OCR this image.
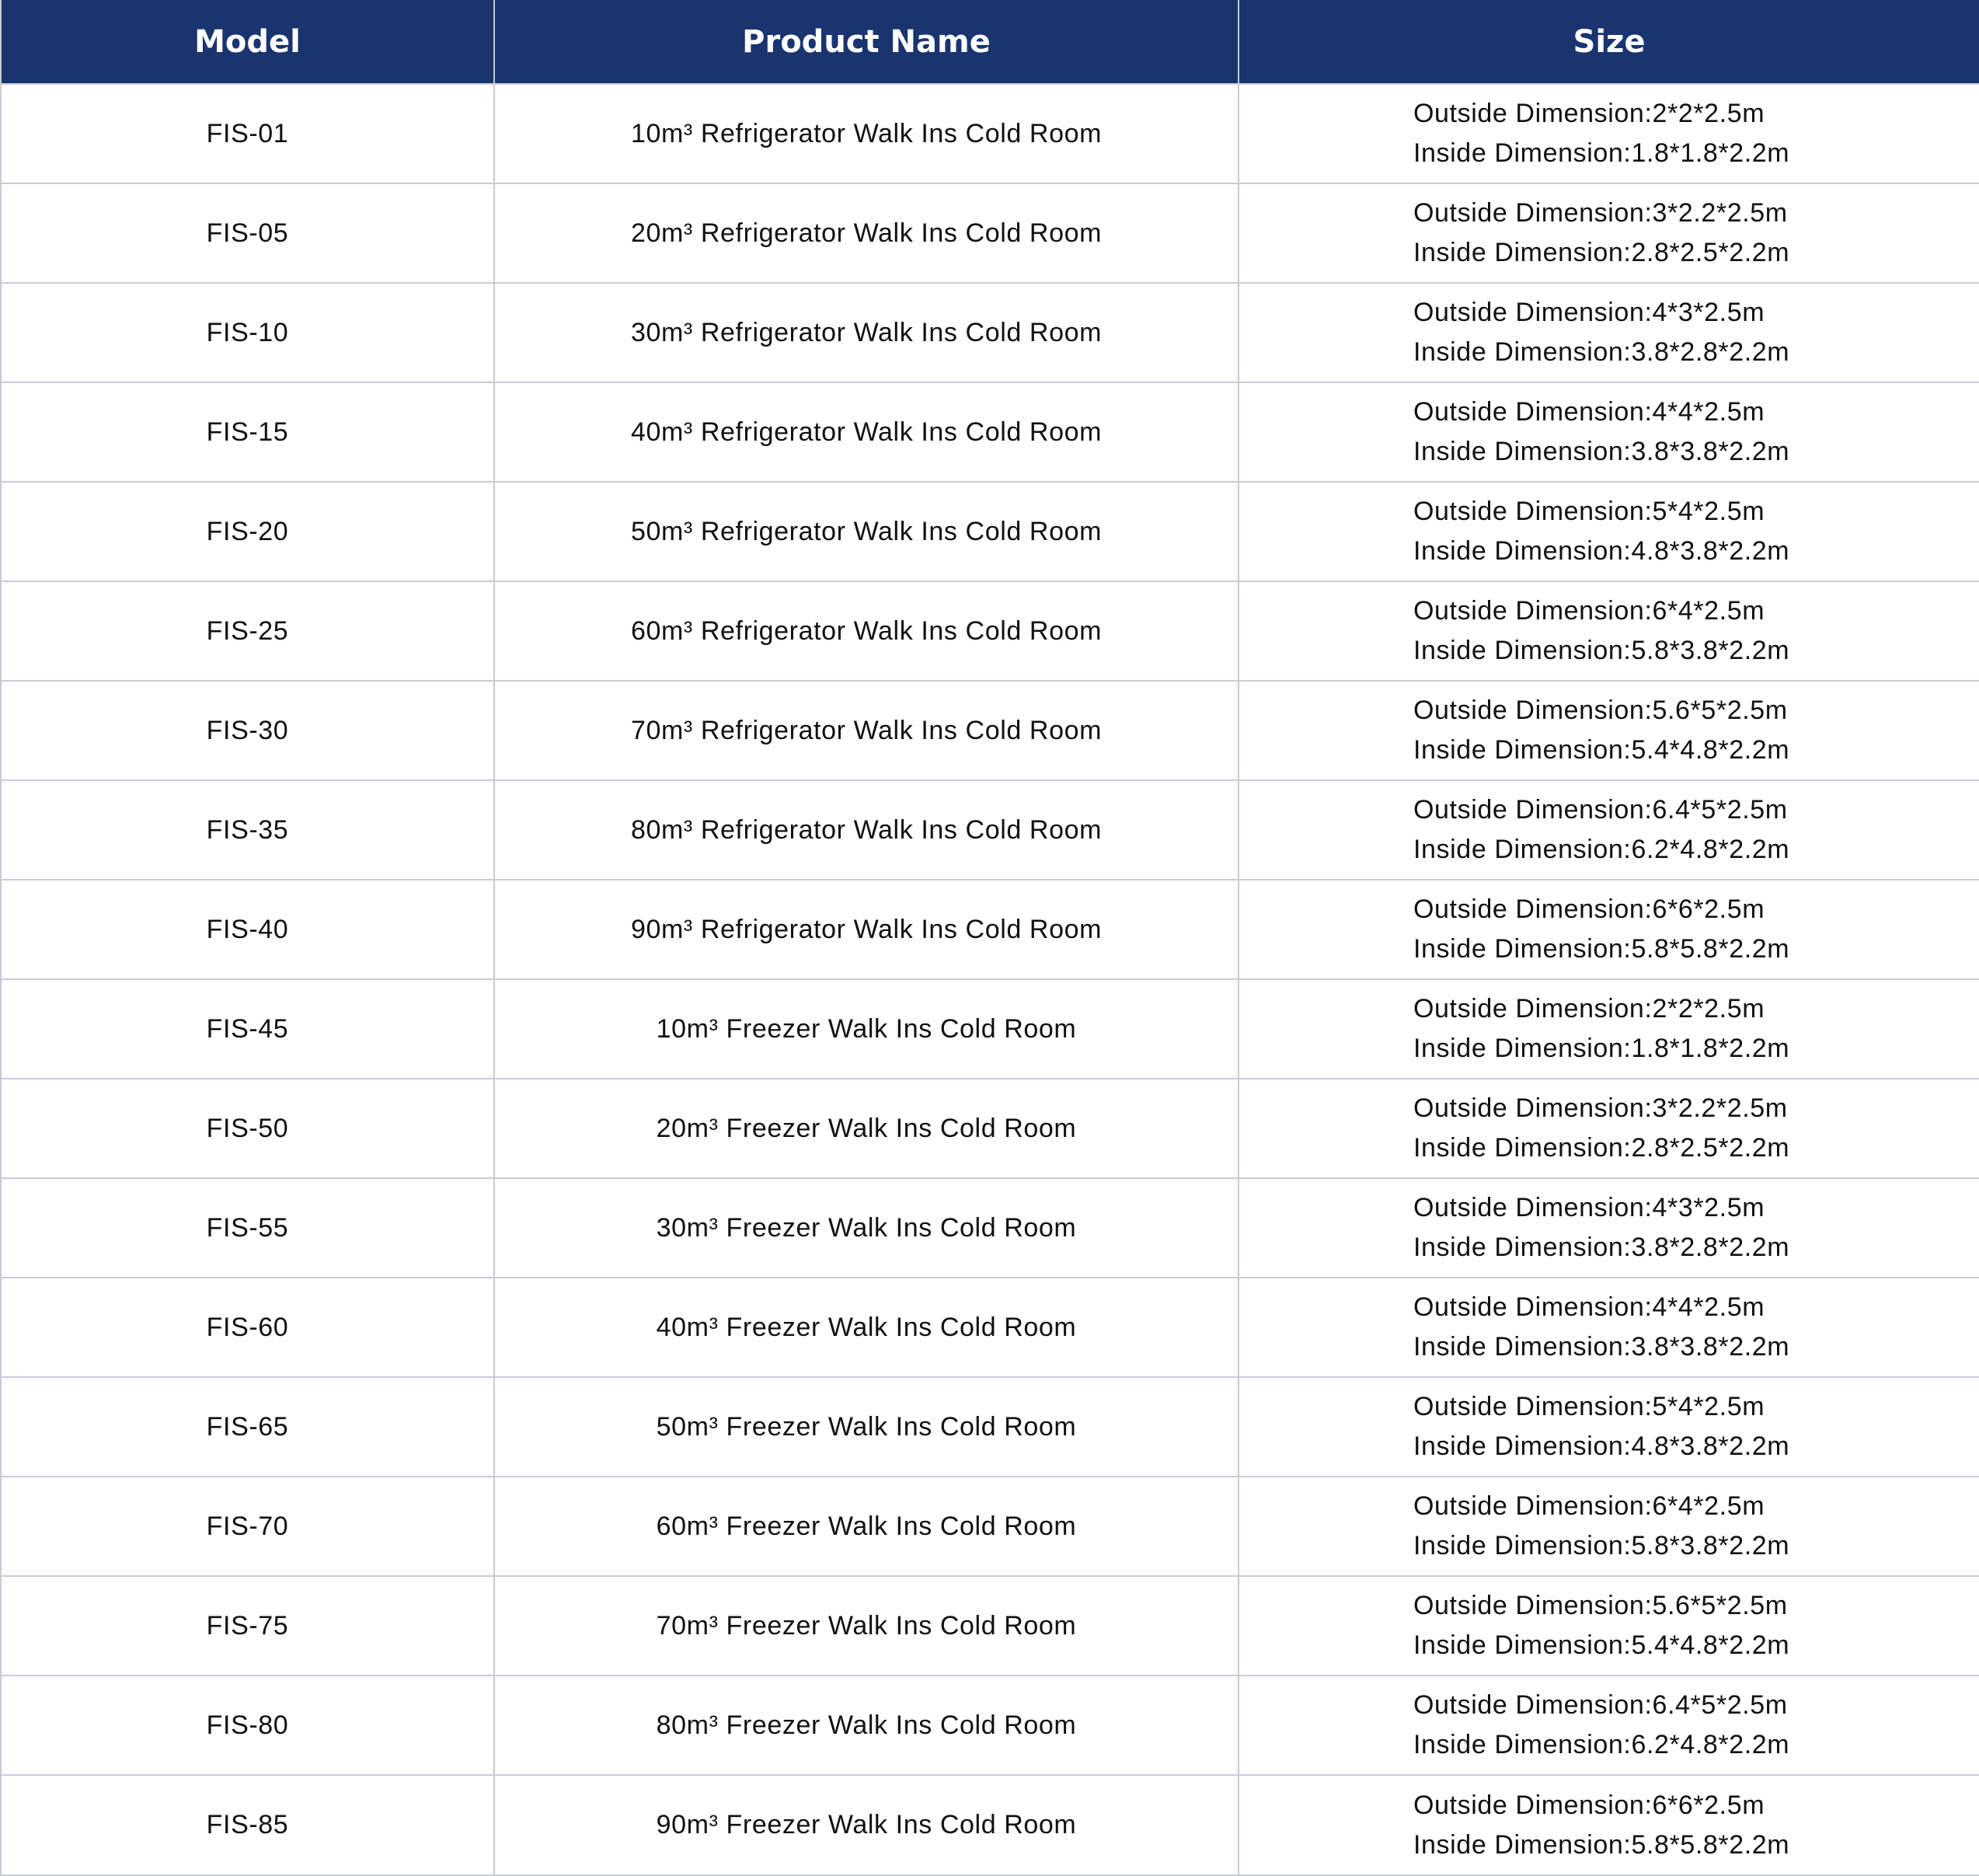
Model	Product Name	Size
FIS-01	10m³ Refrigerator Walk Ins Cold Room	Outside Dimension:2*2*2.5m
Inside Dimension:1.8*1.8*2.2m

FIS-05	20m³ Refrigerator Walk Ins Cold Room	Outside Dimension:3*2.2*2.5m
Inside Dimension:2.8*2.5*2.2m

FIS-10	30m³ Refrigerator Walk Ins Cold Room	Outside Dimension:4*3*2.5m
Inside Dimension:3.8*2.8*2.2m

FIS-15	40m³ Refrigerator Walk Ins Cold Room	Outside Dimension:4*4*2.5m
Inside Dimension:3.8*3.8*2.2m

FIS-20	50m³ Refrigerator Walk Ins Cold Room	Outside Dimension:5*4*2.5m
Inside Dimension:4.8*3.8*2.2m

FIS-25	60m³ Refrigerator Walk Ins Cold Room	Outside Dimension:6*4*2.5m
Inside Dimension:5.8*3.8*2.2m

FIS-30	70m³ Refrigerator Walk Ins Cold Room	Outside Dimension:5.6*5*2.5m
Inside Dimension:5.4*4.8*2.2m

FIS-35	80m³ Refrigerator Walk Ins Cold Room	Outside Dimension:6.4*5*2.5m
Inside Dimension:6.2*4.8*2.2m

FIS-40	90m³ Refrigerator Walk Ins Cold Room	Outside Dimension:6*6*2.5m
Inside Dimension:5.8*5.8*2.2m

FIS-45	10m³ Freezer Walk Ins Cold Room	Outside Dimension:2*2*2.5m
Inside Dimension:1.8*1.8*2.2m

FIS-50	20m³ Freezer Walk Ins Cold Room	Outside Dimension:3*2.2*2.5m
Inside Dimension:2.8*2.5*2.2m

FIS-55	30m³ Freezer Walk Ins Cold Room	Outside Dimension:4*3*2.5m
Inside Dimension:3.8*2.8*2.2m

FIS-60	40m³ Freezer Walk Ins Cold Room	Outside Dimension:4*4*2.5m
Inside Dimension:3.8*3.8*2.2m

FIS-65	50m³ Freezer Walk Ins Cold Room	Outside Dimension:5*4*2.5m
Inside Dimension:4.8*3.8*2.2m

FIS-70	60m³ Freezer Walk Ins Cold Room	Outside Dimension:6*4*2.5m
Inside Dimension:5.8*3.8*2.2m

FIS-75	70m³ Freezer Walk Ins Cold Room	Outside Dimension:5.6*5*2.5m
Inside Dimension:5.4*4.8*2.2m

FIS-80	80m³ Freezer Walk Ins Cold Room	Outside Dimension:6.4*5*2.5m
Inside Dimension:6.2*4.8*2.2m

FIS-85	90m³ Freezer Walk Ins Cold Room	Outside Dimension:6*6*2.5m
Inside Dimension:5.8*5.8*2.2m
